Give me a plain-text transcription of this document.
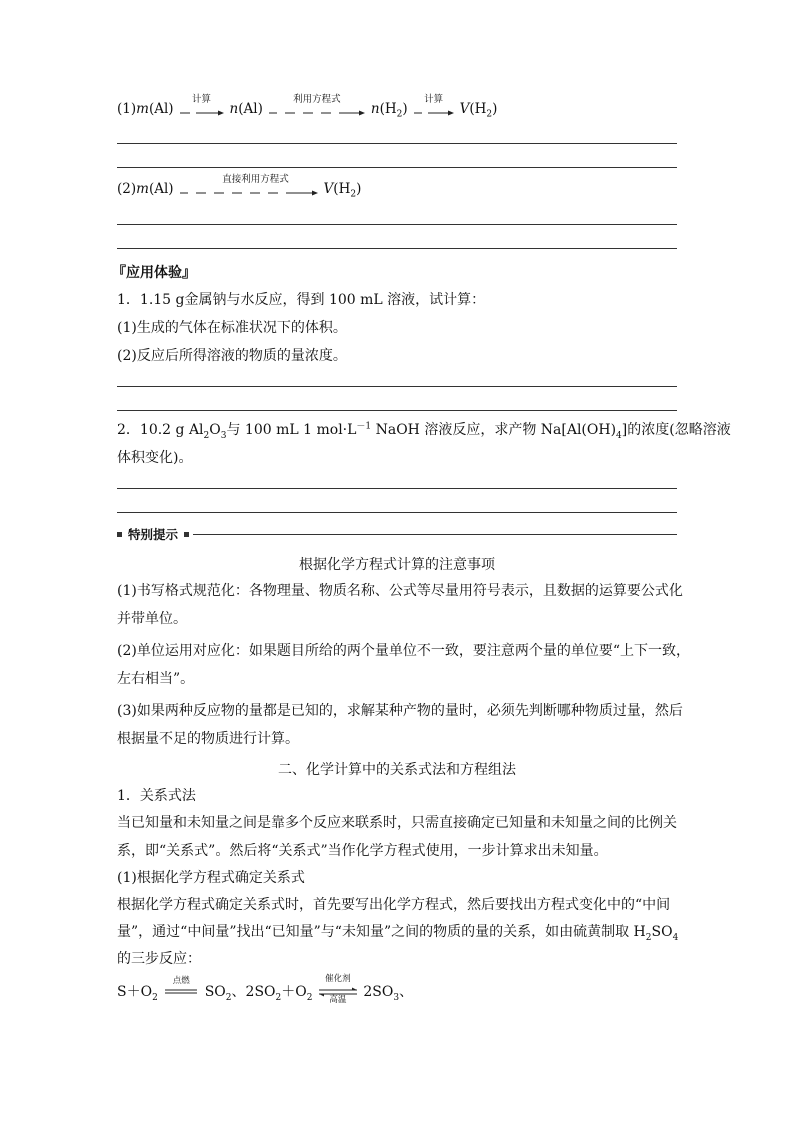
(1) m (Al)
计算
n (Al)
利用方程式
n $(H_2)$
计算
V $(H_2)$
(2) m (Al)
直接利用方程式
V $(H_2)$
『应用体验』
1．1.15 g金属钠与水反应，得到 100 mL 溶液，试计算：
(1)生成的气体在标准状况下的体积。
(2)反应后所得溶液的物质的量浓度。
2．10.2 g $Al_2O_3$与 100 mL 1 $mol\cdot L^{-1}$ NaOH 溶液反应，求产物 $Na[Al(OH)_4]$的浓度(忽略溶液
体积变化)。
特别提示
根据化学方程式计算的注意事项
(1)书写格式规范化：各物理量、物质名称、公式等尽量用符号表示，且数据的运算要公式化
并带单位。
(2)单位运用对应化：如果题目所给的两个量单位不一致，要注意两个量的单位要“上下一致，
左右相当”。
(3)如果两种反应物的量都是已知的，求解某种产物的量时，必须先判断哪种物质过量，然后
根据量不足的物质进行计算。
二、化学计算中的关系式法和方程组法
1．关系式法
当已知量和未知量之间是靠多个反应来联系时，只需直接确定已知量和未知量之间的比例关
系，即“关系式”。然后将“关系式”当作化学方程式使用，一步计算求出未知量。
(1)根据化学方程式确定关系式
根据化学方程式确定关系式时，首先要写出化学方程式，然后要找出方程式变化中的“中间
量”，通过“中间量”找出“已知量”与“未知量”之间的物质的量的关系，如由硫黄制取 $H_2SO_4$
的三步反应：
$S+O_2$
点燃
$SO_2$、$2SO_2+O_2$
催化剂
高温	$2SO_3$、
